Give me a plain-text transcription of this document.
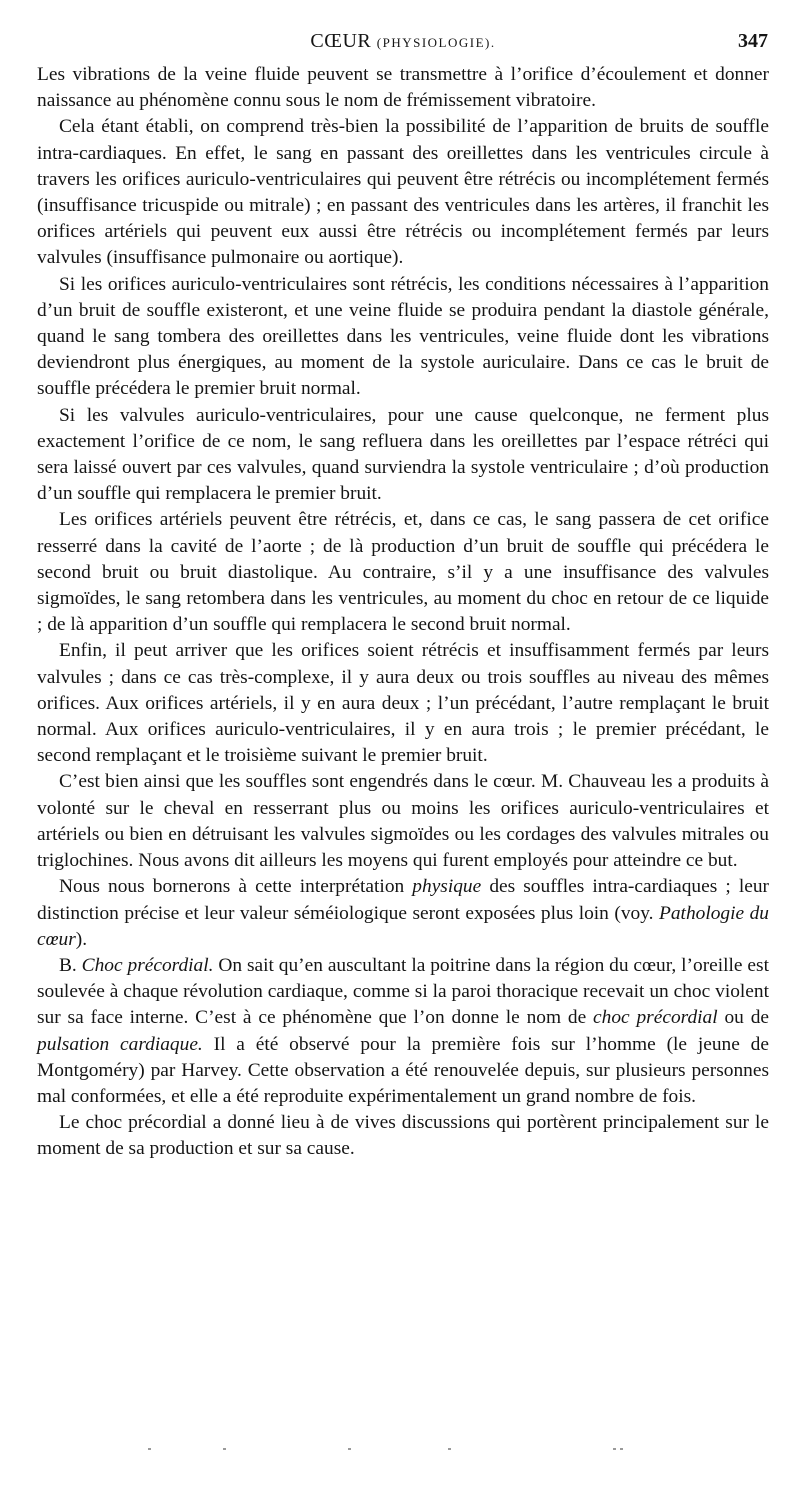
CŒUR (PHYSIOLOGIE).	347

Les vibrations de la veine fluide peuvent se transmettre à l’orifice d’écoulement et donner naissance au phénomène connu sous le nom de frémissement vibratoire.

Cela étant établi, on comprend très-bien la possibilité de l’apparition de bruits de souffle intra-cardiaques. En effet, le sang en passant des oreillettes dans les ventricules circule à travers les orifices auriculo-ventriculaires qui peuvent être rétrécis ou incomplétement fermés (insuffisance tricuspide ou mitrale) ; en passant des ventricules dans les artères, il franchit les orifices artériels qui peuvent eux aussi être rétrécis ou incomplétement fermés par leurs valvules (insuffisance pulmonaire ou aortique).

Si les orifices auriculo-ventriculaires sont rétrécis, les conditions nécessaires à l’apparition d’un bruit de souffle existeront, et une veine fluide se produira pendant la diastole générale, quand le sang tombera des oreillettes dans les ventricules, veine fluide dont les vibrations deviendront plus énergiques, au moment de la systole auriculaire. Dans ce cas le bruit de souffle précédera le premier bruit normal.

Si les valvules auriculo-ventriculaires, pour une cause quelconque, ne ferment plus exactement l’orifice de ce nom, le sang refluera dans les oreillettes par l’espace rétréci qui sera laissé ouvert par ces valvules, quand surviendra la systole ventriculaire ; d’où production d’un souffle qui remplacera le premier bruit.

Les orifices artériels peuvent être rétrécis, et, dans ce cas, le sang passera de cet orifice resserré dans la cavité de l’aorte ; de là production d’un bruit de souffle qui précédera le second bruit ou bruit diastolique. Au contraire, s’il y a une insuffisance des valvules sigmoïdes, le sang retombera dans les ventricules, au moment du choc en retour de ce liquide ; de là apparition d’un souffle qui remplacera le second bruit normal.

Enfin, il peut arriver que les orifices soient rétrécis et insuffisamment fermés par leurs valvules ; dans ce cas très-complexe, il y aura deux ou trois souffles au niveau des mêmes orifices. Aux orifices artériels, il y en aura deux ; l’un précédant, l’autre remplaçant le bruit normal. Aux orifices auriculo-ventriculaires, il y en aura trois ; le premier précédant, le second remplaçant et le troisième suivant le premier bruit.

C’est bien ainsi que les souffles sont engendrés dans le cœur. M. Chauveau les a produits à volonté sur le cheval en resserrant plus ou moins les orifices auriculo-ventriculaires et artériels ou bien en détruisant les valvules sigmoïdes ou les cordages des valvules mitrales ou triglochines. Nous avons dit ailleurs les moyens qui furent employés pour atteindre ce but.

Nous nous bornerons à cette interprétation physique des souffles intra-cardiaques ; leur distinction précise et leur valeur séméiologique seront exposées plus loin (voy. Pathologie du cœur).

B. Choc précordial. On sait qu’en auscultant la poitrine dans la région du cœur, l’oreille est soulevée à chaque révolution cardiaque, comme si la paroi thoracique recevait un choc violent sur sa face interne. C’est à ce phénomène que l’on donne le nom de choc précordial ou de pulsation cardiaque. Il a été observé pour la première fois sur l’homme (le jeune de Montgoméry) par Harvey. Cette observation a été renouvelée depuis, sur plusieurs personnes mal conformées, et elle a été reproduite expérimentalement un grand nombre de fois.

Le choc précordial a donné lieu à de vives discussions qui portèrent principalement sur le moment de sa production et sur sa cause.
